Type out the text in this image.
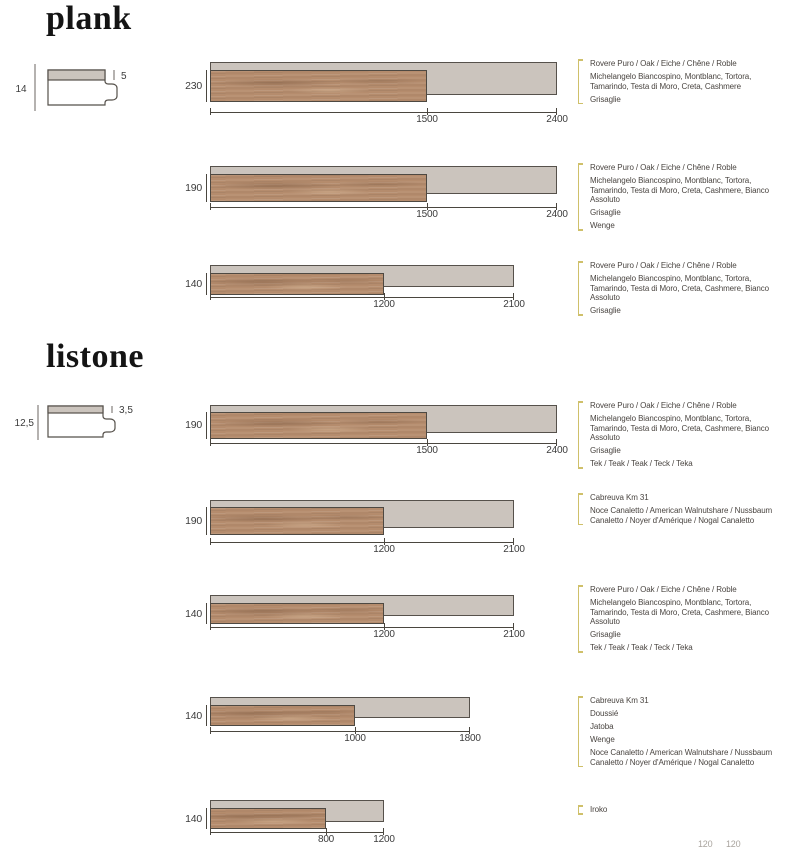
plank
14
5
230
1500	2400
Rovere Puro / Oak / Eiche / Chêne / Roble
Michelangelo Biancospino, Montblanc, Tortora, Tamarindo, Testa di Moro, Creta, Cashmere
Grisaglie
190
1500	2400
Rovere Puro / Oak / Eiche / Chêne / Roble
Michelangelo Biancospino, Montblanc, Tortora, Tamarindo, Testa di Moro, Creta, Cashmere, Bianco Assoluto
Grisaglie
Wenge
140
1200	2100
Rovere Puro / Oak / Eiche / Chêne / Roble
Michelangelo Biancospino, Montblanc, Tortora, Tamarindo, Testa di Moro, Creta, Cashmere, Bianco Assoluto
Grisaglie
listone
12,5
3,5
190
1500	2400
Rovere Puro / Oak / Eiche / Chêne / Roble
Michelangelo Biancospino, Montblanc, Tortora, Tamarindo, Testa di Moro, Creta, Cashmere, Bianco Assoluto
Grisaglie
Tek / Teak / Teak / Teck / Teka
190
1200	2100
Cabreuva Km 31
Noce Canaletto / American Walnutshare / Nussbaum Canaletto / Noyer d'Amérique / Nogal Canaletto
140
1200	2100
Rovere Puro / Oak / Eiche / Chêne / Roble
Michelangelo Biancospino, Montblanc, Tortora, Tamarindo, Testa di Moro, Creta, Cashmere, Bianco Assoluto
Grisaglie
Tek / Teak / Teak / Teck / Teka
140
1000	1800
Cabreuva Km 31
Doussié
Jatoba
Wenge
Noce Canaletto / American Walnutshare / Nussbaum Canaletto / Noyer d'Amérique / Nogal Canaletto
140
800	1200
Iroko
120 120
